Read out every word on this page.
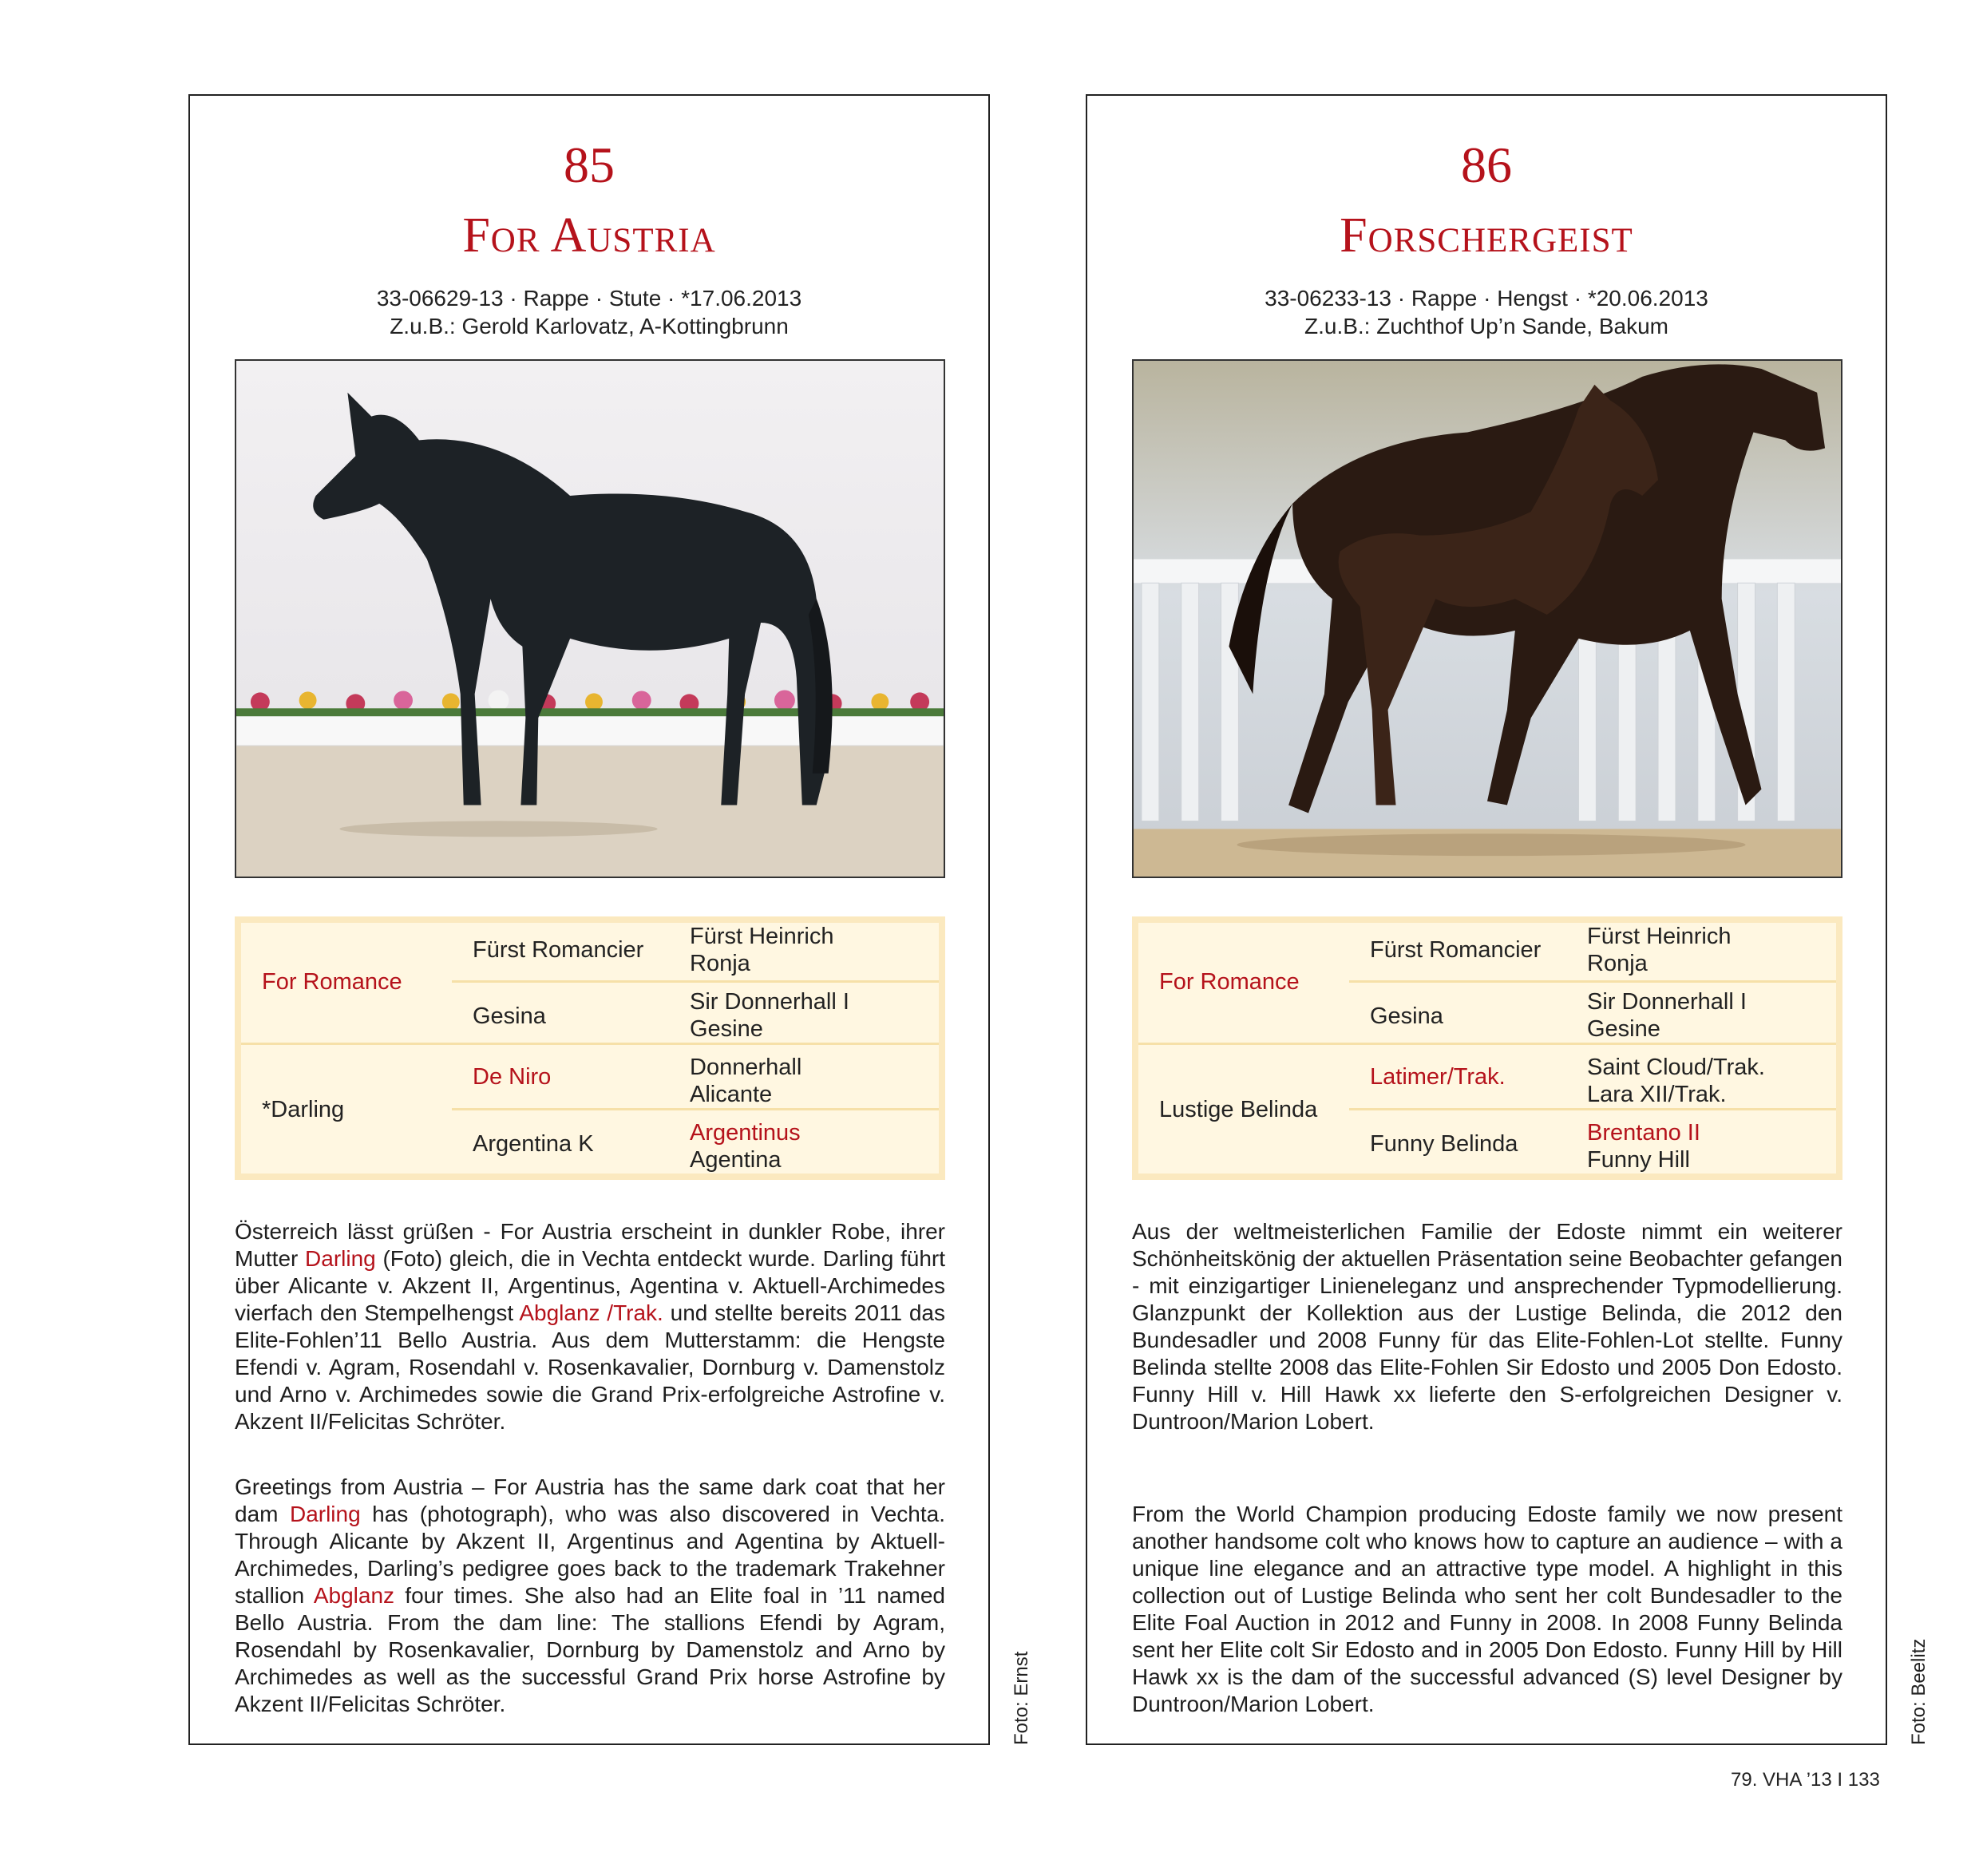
85
For Austria
33-06629-13 · Rappe · Stute · *17.06.2013
Z.u.B.: Gerold Karlovatz, A-Kottingbrunn
For Romance
*Darling
Fürst Romancier
Gesina
De Niro
Argentina K
Fürst Heinrich
Ronja
Sir Donnerhall I
Gesine
Donnerhall
Alicante
Argentinus
Agentina
Österreich lässt grüßen - For Austria erscheint in dunkler Robe, ihrer Mutter Darling (Foto) gleich, die in Vechta entdeckt wurde. Darling führt über Alicante v. Akzent II, Argentinus, Agentina v. Aktuell-Archimedes vierfach den Stempelhengst Abglanz /Trak. und stellte bereits 2011 das Elite-Fohlen’11 Bello Austria. Aus dem Mutterstamm: die Hengste Efendi v. Agram, Rosendahl v. Rosenkavalier, Dornburg v. Damenstolz und Arno v. Archimedes sowie die Grand Prix-erfolgreiche Astrofine v. Akzent II/Felicitas Schröter.
Greetings from Austria – For Austria has the same dark coat that her dam Darling has (photograph), who was also discovered in Vechta. Through Alicante by Akzent II, Argentinus and Agentina by Aktuell-Archimedes, Darling’s pedigree goes back to the trademark Trakehner stallion Abglanz four times. She also had an Elite foal in ’11 named Bello Austria. From the dam line: The stallions Efendi by Agram, Rosendahl by Rosenkavalier, Dornburg by Damenstolz and Arno by Archimedes as well as the successful Grand Prix horse Astrofine by Akzent II/Felicitas Schröter.	Foto: Ernst
86
Forschergeist
33-06233-13 · Rappe · Hengst · *20.06.2013
Z.u.B.: Zuchthof Up’n Sande, Bakum
For Romance
Lustige Belinda
Fürst Romancier
Gesina
Latimer/Trak.
Funny Belinda
Fürst Heinrich
Ronja
Sir Donnerhall I
Gesine
Saint Cloud/Trak.
Lara XII/Trak.
Brentano II
Funny Hill
Aus der weltmeisterlichen Familie der Edoste nimmt ein weiterer Schönheitskönig der aktuellen Präsentation seine Beobachter gefangen - mit einzigartiger Linieneleganz und ansprechender Typmodellierung. Glanzpunkt der Kollektion aus der Lustige Belinda, die 2012 den Bundesadler und 2008 Funny für das Elite-Fohlen-Lot stellte. Funny Belinda stellte 2008 das Elite-Fohlen Sir Edosto und 2005 Don Edosto. Funny Hill v. Hill Hawk xx lieferte den S-erfolgreichen Designer v. Duntroon/Marion Lobert.
From the World Champion producing Edoste family we now present another handsome colt who knows how to capture an audience – with a unique line elegance and an attractive type model. A highlight in this collection out of Lustige Belinda who sent her colt Bundesadler to the Elite Foal Auction in 2012 and Funny in 2008. In 2008 Funny Belinda sent her Elite colt Sir Edosto and in 2005 Don Edosto. Funny Hill by Hill Hawk xx is the dam of the successful advanced (S) level Designer by Duntroon/Marion Lobert.	Foto: Beelitz
79. VHA ’13 I 133
